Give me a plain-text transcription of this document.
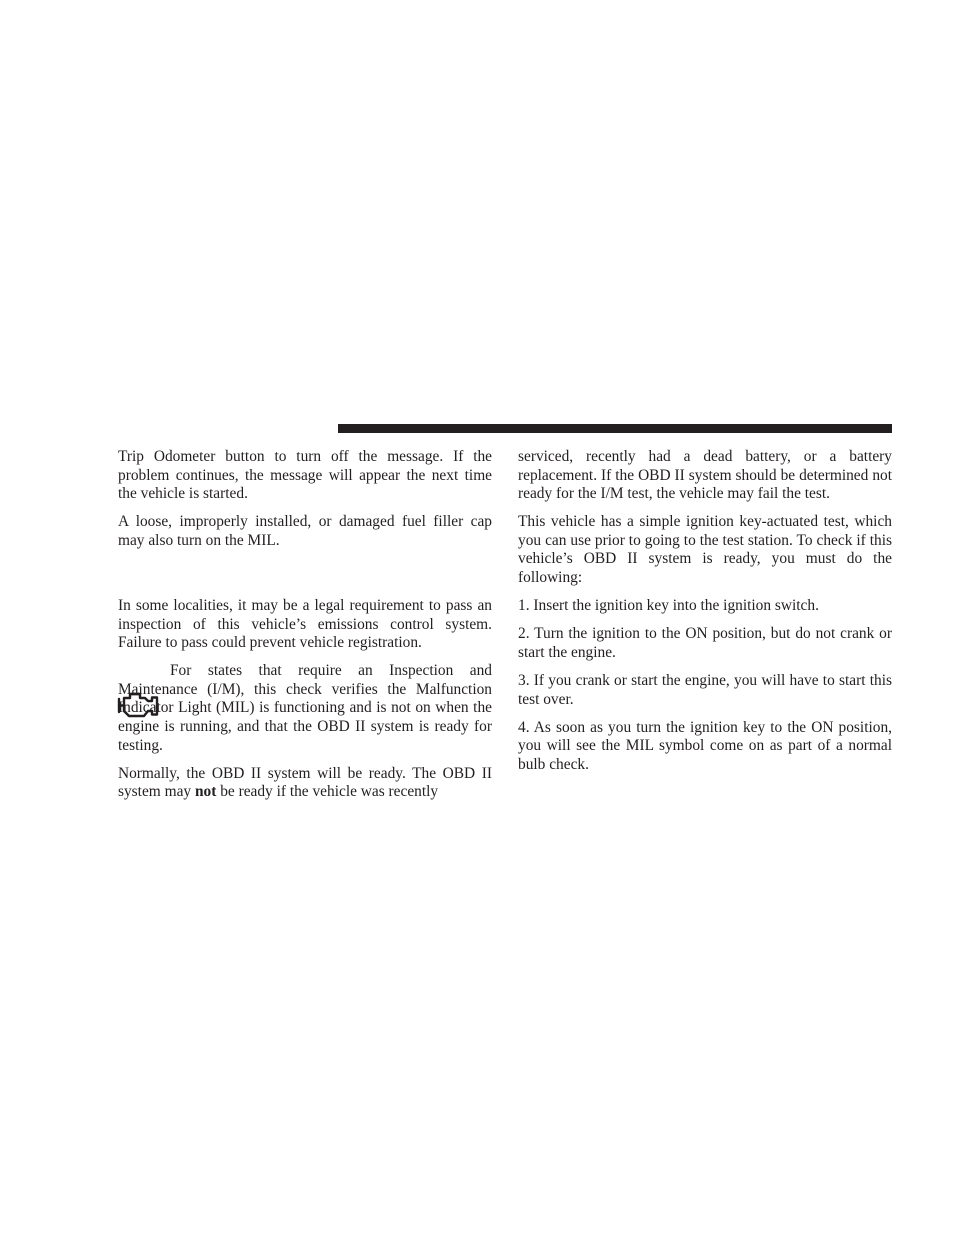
Trip Odometer button to turn off the message. If the problem continues, the message will appear the next time the vehicle is started.

A loose, improperly installed, or damaged fuel filler cap may also turn on the MIL.

In some localities, it may be a legal requirement to pass an inspection of this vehicle’s emissions control system. Failure to pass could prevent vehicle registration.

For states that require an Inspection and Maintenance (I/M), this check verifies the Malfunction Indicator Light (MIL) is functioning and is not on when the engine is running, and that the OBD II system is ready for testing.

Normally, the OBD II system will be ready. The OBD II system may not be ready if the vehicle was recently

serviced, recently had a dead battery, or a battery replacement. If the OBD II system should be determined not ready for the I/M test, the vehicle may fail the test.

This vehicle has a simple ignition key-actuated test, which you can use prior to going to the test station. To check if this vehicle’s OBD II system is ready, you must do the following:

1. Insert the ignition key into the ignition switch.

2. Turn the ignition to the ON position, but do not crank or start the engine.

3. If you crank or start the engine, you will have to start this test over.

4. As soon as you turn the ignition key to the ON position, you will see the MIL symbol come on as part of a normal bulb check.
